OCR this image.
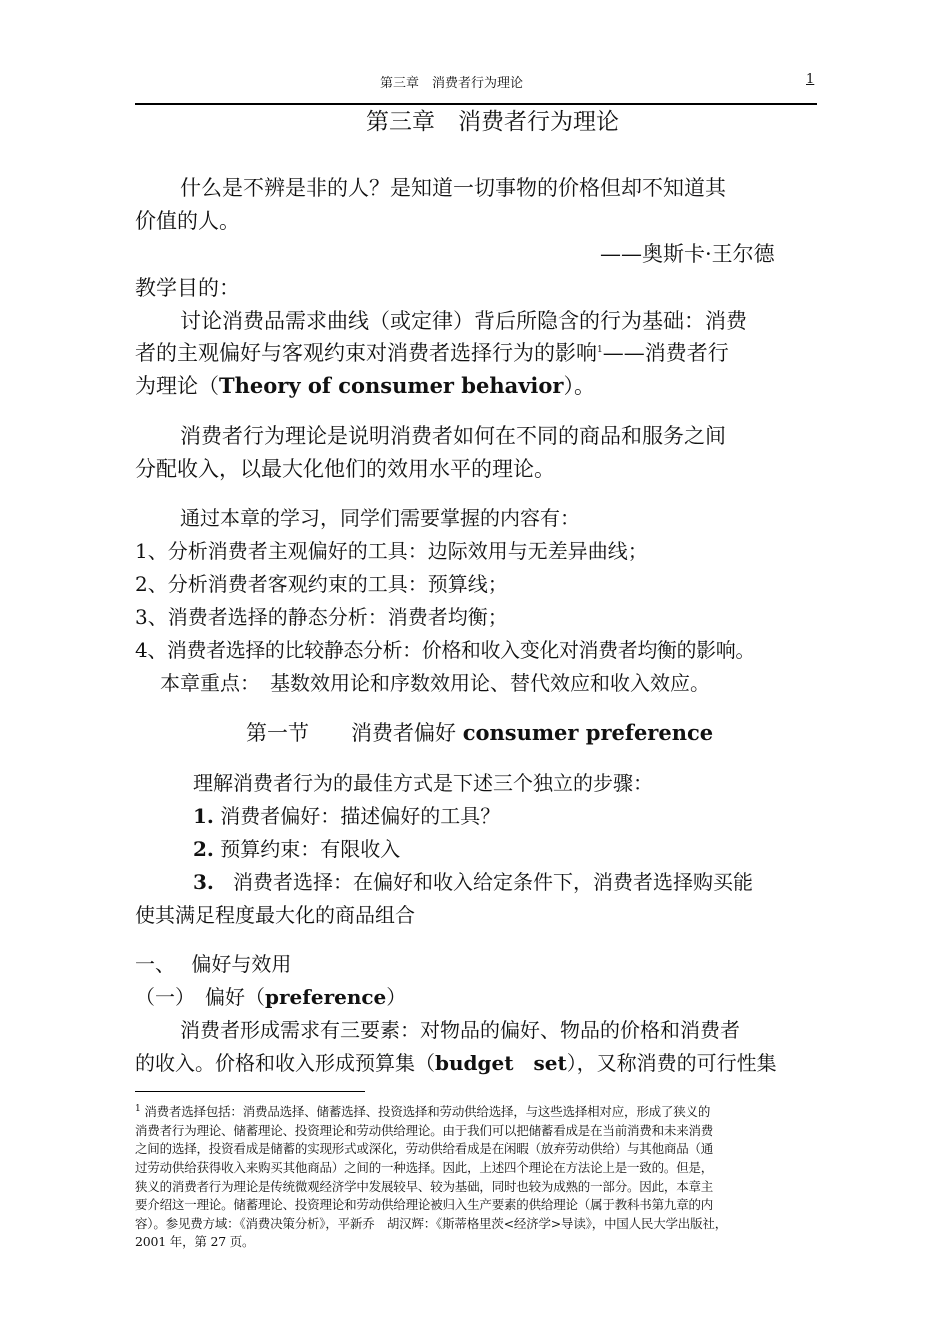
第三章　消费者行为理论	1
第三章　消费者行为理论
什么是不辨是非的人？是知道一切事物的价格但却不知道其
价值的人。
——奥斯卡·王尔德
教学目的：
讨论消费品需求曲线（或定律）背后所隐含的行为基础：消费
者的主观偏好与客观约束对消费者选择行为的影响$^1$——消费者行
为理论（Theory of consumer behavior）。
消费者行为理论是说明消费者如何在不同的商品和服务之间
分配收入，以最大化他们的效用水平的理论。
通过本章的学习，同学们需要掌握的内容有：
1、分析消费者主观偏好的工具：边际效用与无差异曲线；
2、分析消费者客观约束的工具：预算线；
3、消费者选择的静态分析：消费者均衡；
4、消费者选择的比较静态分析：价格和收入变化对消费者均衡的影响。
本章重点：　基数效用论和序数效用论、替代效应和收入效应。
第一节　　消费者偏好 consumer preference
理解消费者行为的最佳方式是下述三个独立的步骤：
1. 消费者偏好：描述偏好的工具？
2. 预算约束：有限收入
3. 消费者选择：在偏好和收入给定条件下，消费者选择购买能
使其满足程度最大化的商品组合
一、　 偏好与效用
（一）　偏好（preference）
消费者形成需求有三要素：对物品的偏好、物品的价格和消费者
的收入。价格和收入形成预算集（budget　set），又称消费的可行性集
$^1$ 消费者选择包括：消费品选择、储蓄选择、投资选择和劳动供给选择，与这些选择相对应，形成了狭义的
消费者行为理论、储蓄理论、投资理论和劳动供给理论。由于我们可以把储蓄看成是在当前消费和未来消费
之间的选择，投资看成是储蓄的实现形式或深化，劳动供给看成是在闲暇（放弃劳动供给）与其他商品（通
过劳动供给获得收入来购买其他商品）之间的一种选择。因此，上述四个理论在方法论上是一致的。但是，
狭义的消费者行为理论是传统微观经济学中发展较早、较为基础，同时也较为成熟的一部分。因此，本章主
要介绍这一理论。储蓄理论、投资理论和劳动供给理论被归入生产要素的供给理论（属于教科书第九章的内
容）。参见费方域：《消费决策分析》，平新乔　胡汉辉：《斯蒂格里茨<经济学>导读》，中国人民大学出版社，
2001 年，第 27 页。
